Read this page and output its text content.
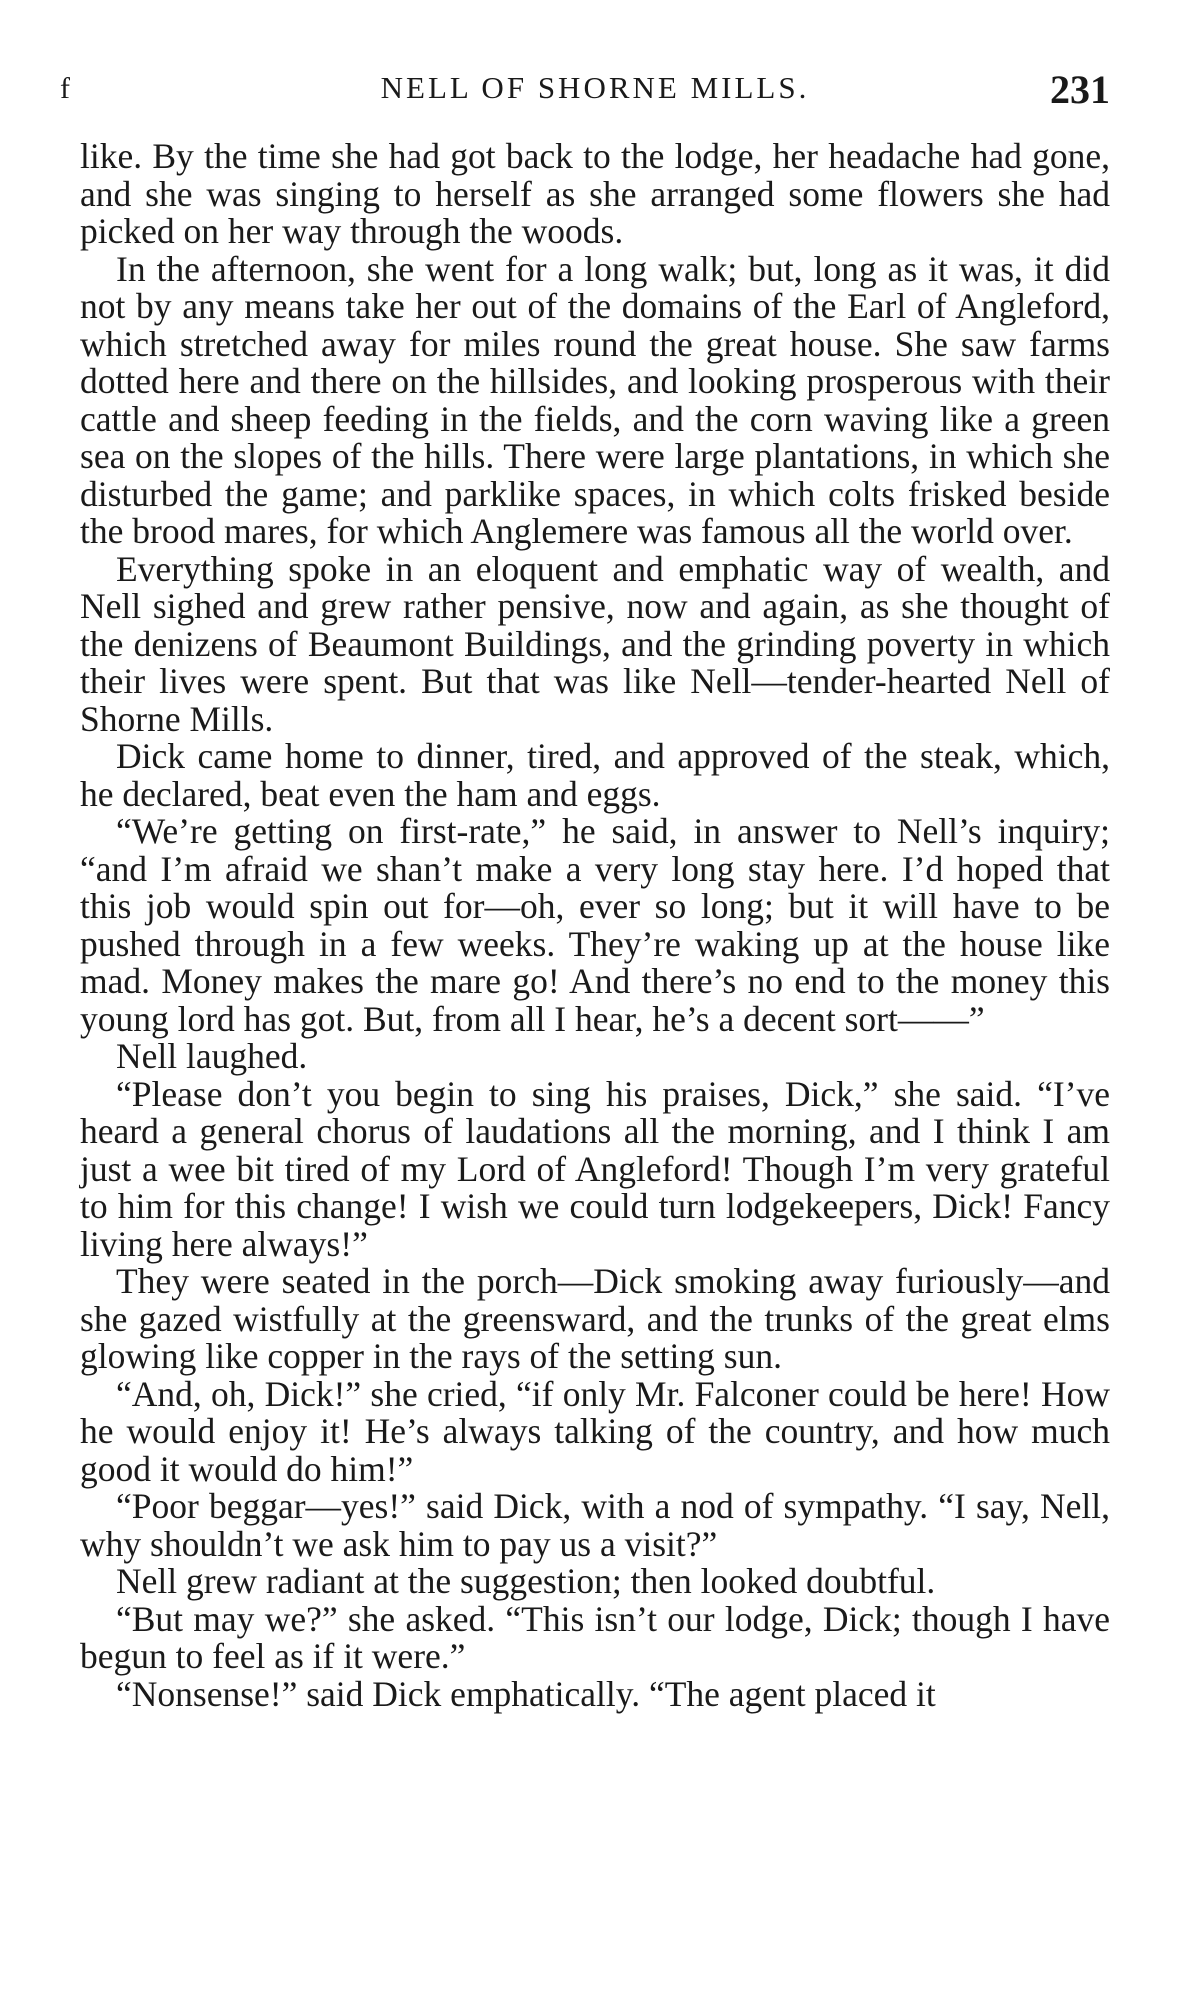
f	NELL OF SHORNE MILLS.	231

like. By the time she had got back to the lodge, her headache had gone, and she was singing to herself as she arranged some flowers she had picked on her way through the woods.

In the afternoon, she went for a long walk; but, long as it was, it did not by any means take her out of the domains of the Earl of Angleford, which stretched away for miles round the great house. She saw farms dotted here and there on the hillsides, and looking prosperous with their cattle and sheep feeding in the fields, and the corn waving like a green sea on the slopes of the hills. There were large plantations, in which she disturbed the game; and parklike spaces, in which colts frisked beside the brood mares, for which Anglemere was famous all the world over.

Everything spoke in an eloquent and emphatic way of wealth, and Nell sighed and grew rather pensive, now and again, as she thought of the denizens of Beaumont Buildings, and the grinding poverty in which their lives were spent. But that was like Nell—tender-hearted Nell of Shorne Mills.

Dick came home to dinner, tired, and approved of the steak, which, he declared, beat even the ham and eggs.

“We’re getting on first-rate,” he said, in answer to Nell’s inquiry; “and I’m afraid we shan’t make a very long stay here. I’d hoped that this job would spin out for—oh, ever so long; but it will have to be pushed through in a few weeks. They’re waking up at the house like mad. Money makes the mare go! And there’s no end to the money this young lord has got. But, from all I hear, he’s a decent sort——”

Nell laughed.

“Please don’t you begin to sing his praises, Dick,” she said. “I’ve heard a general chorus of laudations all the morning, and I think I am just a wee bit tired of my Lord of Angleford! Though I’m very grateful to him for this change! I wish we could turn lodgekeepers, Dick! Fancy living here always!”

They were seated in the porch—Dick smoking away furiously—and she gazed wistfully at the greensward, and the trunks of the great elms glowing like copper in the rays of the setting sun.

“And, oh, Dick!” she cried, “if only Mr. Falconer could be here! How he would enjoy it! He’s always talking of the country, and how much good it would do him!”

“Poor beggar—yes!” said Dick, with a nod of sympathy. “I say, Nell, why shouldn’t we ask him to pay us a visit?”

Nell grew radiant at the suggestion; then looked doubtful.

“But may we?” she asked. “This isn’t our lodge, Dick; though I have begun to feel as if it were.”

“Nonsense!” said Dick emphatically. “The agent placed it
